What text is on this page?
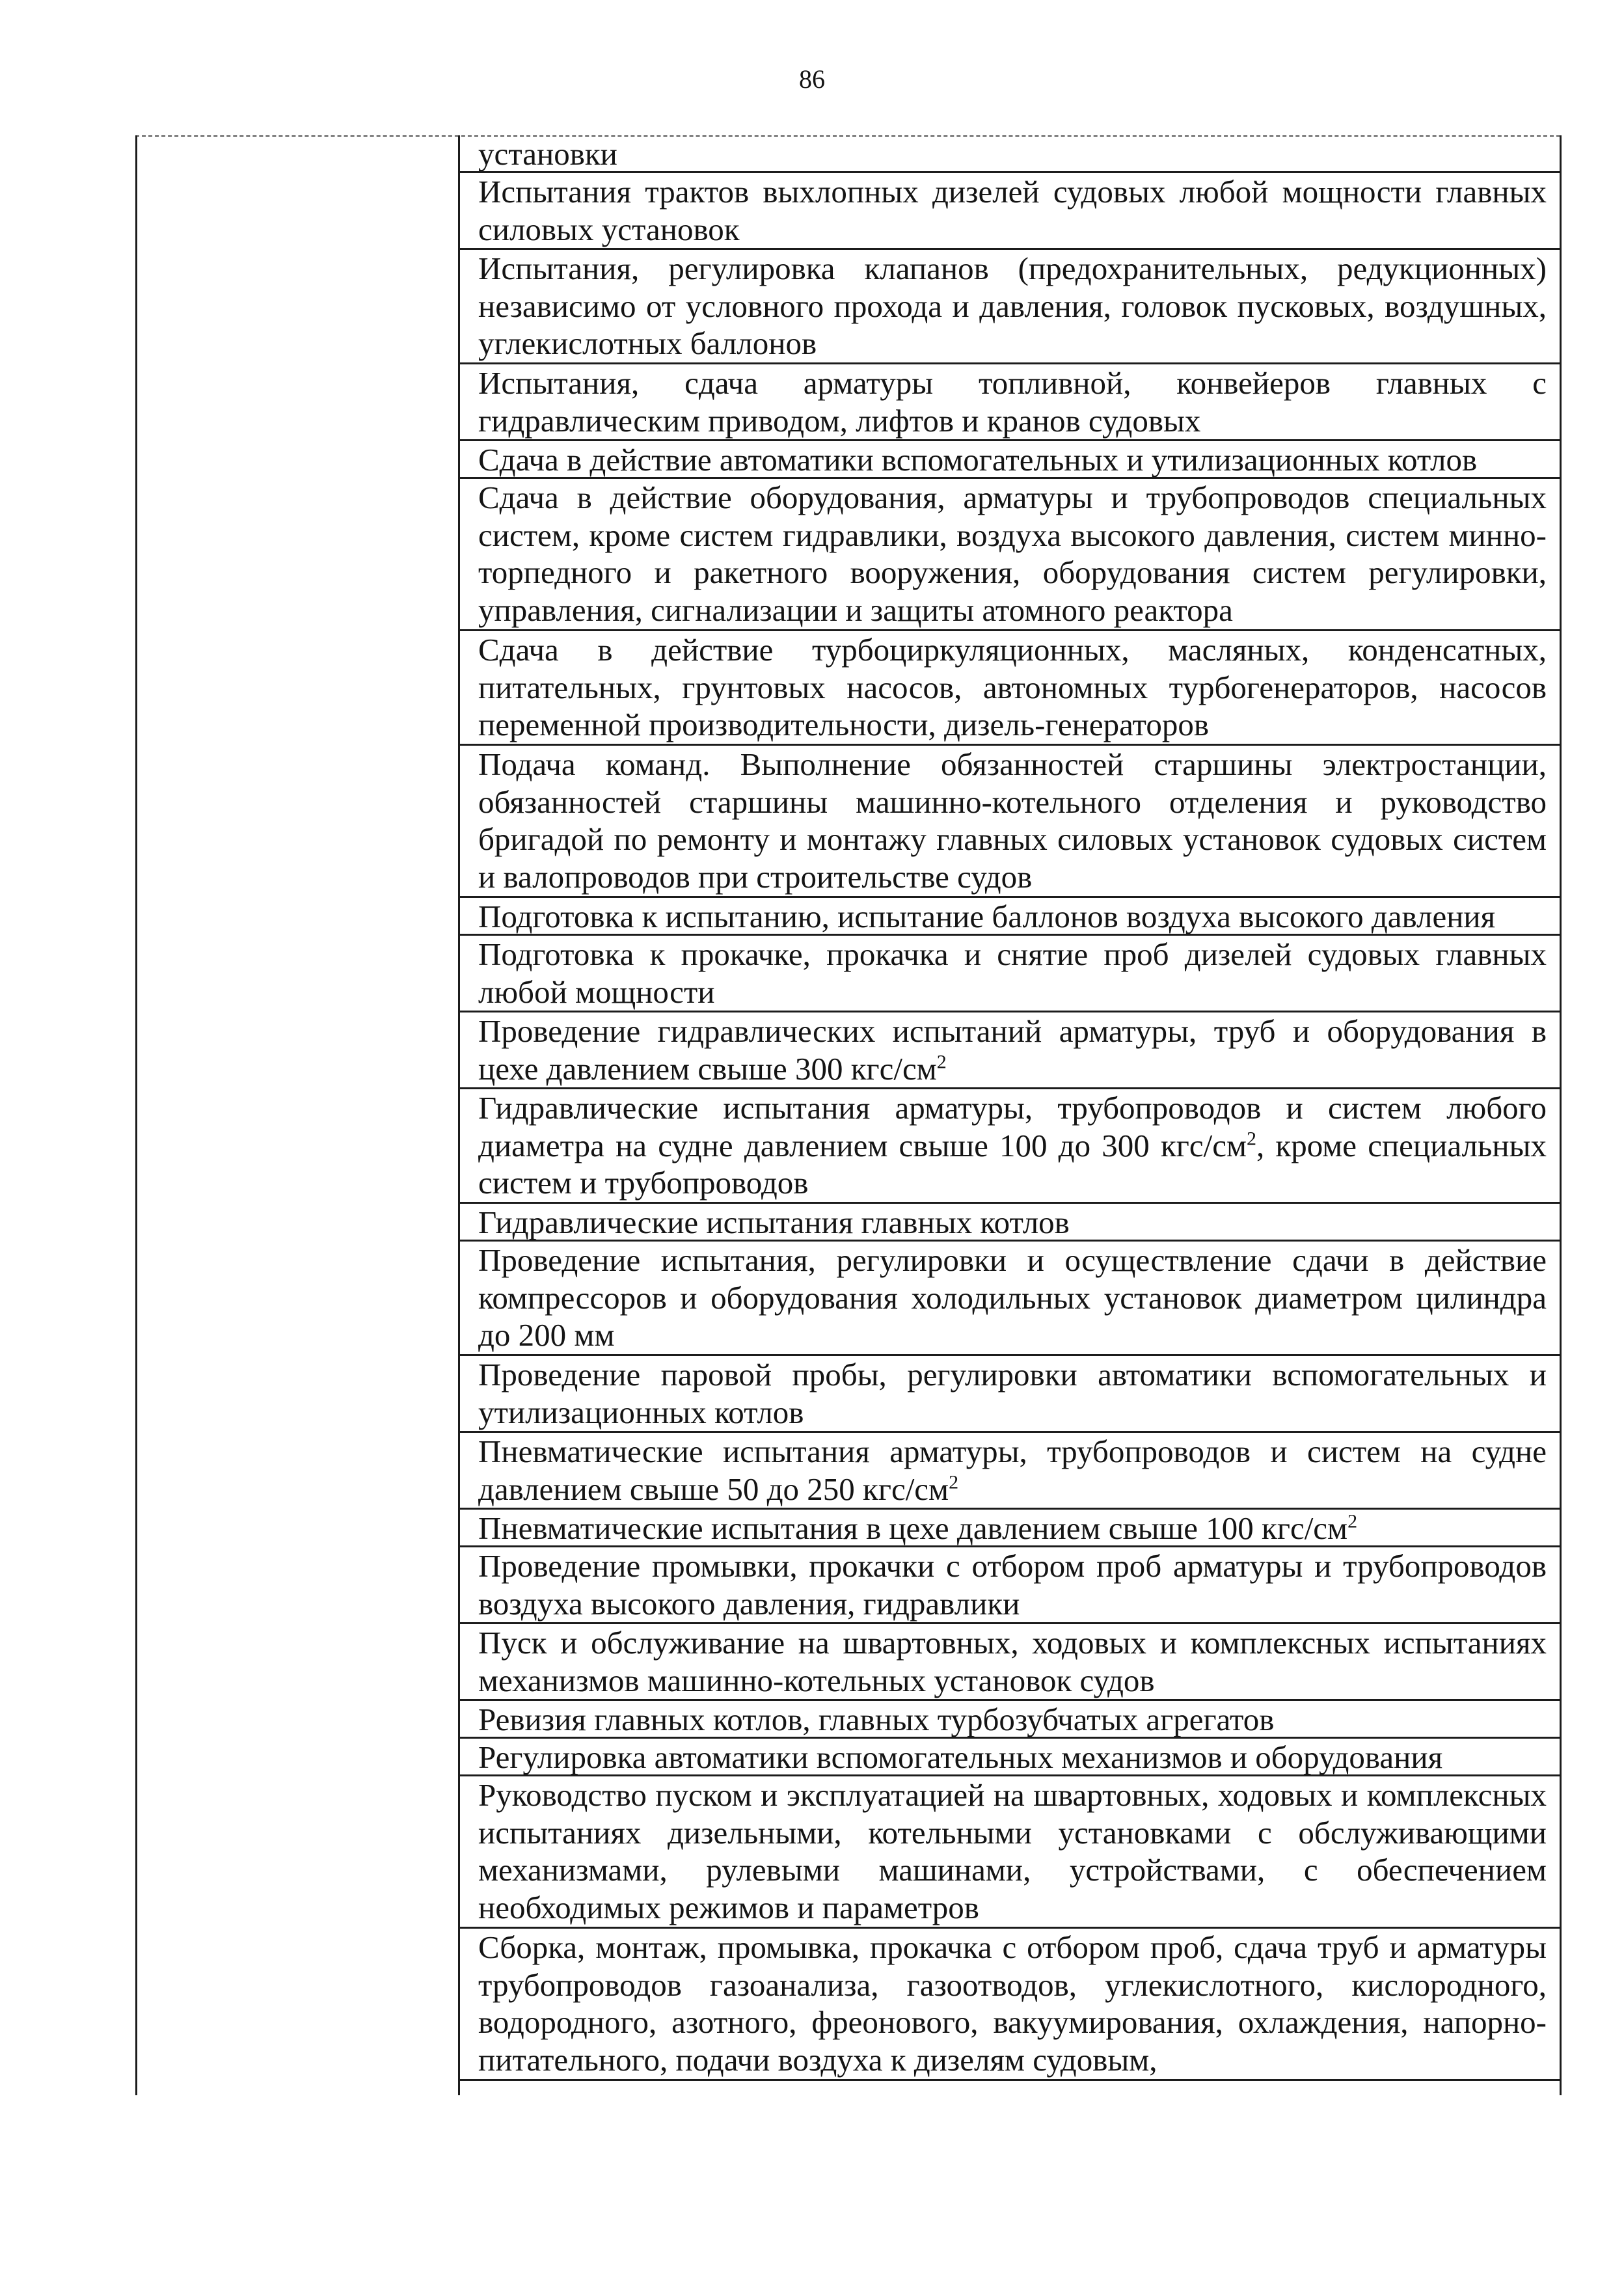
86
установки
Испытания трактов выхлопных дизелей судовых любой мощности главных силовых установок
Испытания, регулировка клапанов (предохранительных, редукционных) независимо от условного прохода и давления, головок пусковых, воздушных, углекислотных баллонов
Испытания, сдача арматуры топливной, конвейеров главных с гидравлическим приводом, лифтов и кранов судовых
Сдача в действие автоматики вспомогательных и утилизационных котлов
Сдача в действие оборудования, арматуры и трубопроводов специальных систем, кроме систем гидравлики, воздуха высокого давления, систем минно-торпедного и ракетного вооружения, оборудования систем регулировки, управления, сигнализации и защиты атомного реактора
Сдача в действие турбоциркуляционных, масляных, конденсатных, питательных, грунтовых насосов, автономных турбогенераторов, насосов переменной производительности, дизель-генераторов
Подача команд. Выполнение обязанностей старшины электростанции, обязанностей старшины машинно-котельного отделения и руководство бригадой по ремонту и монтажу главных силовых установок судовых систем и валопроводов при строительстве судов
Подготовка к испытанию, испытание баллонов воздуха высокого давления
Подготовка к прокачке, прокачка и снятие проб дизелей судовых главных любой мощности
Проведение гидравлических испытаний арматуры, труб и оборудования в цехе давлением свыше 300 кгс/$см^2$
Гидравлические испытания арматуры, трубопроводов и систем любого диаметра на судне давлением свыше 100 до 300 кгс/$см^2$, кроме специальных систем и трубопроводов
Гидравлические испытания главных котлов
Проведение испытания, регулировки и осуществление сдачи в действие компрессоров и оборудования холодильных установок диаметром цилиндра до 200 мм
Проведение паровой пробы, регулировки автоматики вспомогательных и утилизационных котлов
Пневматические испытания арматуры, трубопроводов и систем на судне давлением свыше 50 до 250 кгс/$см^2$
Пневматические испытания в цехе давлением свыше 100 кгс/$см^2$
Проведение промывки, прокачки с отбором проб арматуры и трубопроводов воздуха высокого давления, гидравлики
Пуск и обслуживание на швартовных, ходовых и комплексных испытаниях механизмов машинно-котельных установок судов
Ревизия главных котлов, главных турбозубчатых агрегатов
Регулировка автоматики вспомогательных механизмов и оборудования
Руководство пуском и эксплуатацией на швартовных, ходовых и комплексных испытаниях дизельными, котельными установками с обслуживающими механизмами, рулевыми машинами, устройствами, с обеспечением необходимых режимов и параметров
Сборка, монтаж, промывка, прокачка с отбором проб, сдача труб и арматуры трубопроводов газоанализа, газоотводов, углекислотного, кислородного, водородного, азотного, фреонового, вакуумирования, охлаждения, напорно-питательного, подачи воздуха к дизелям судовым,
